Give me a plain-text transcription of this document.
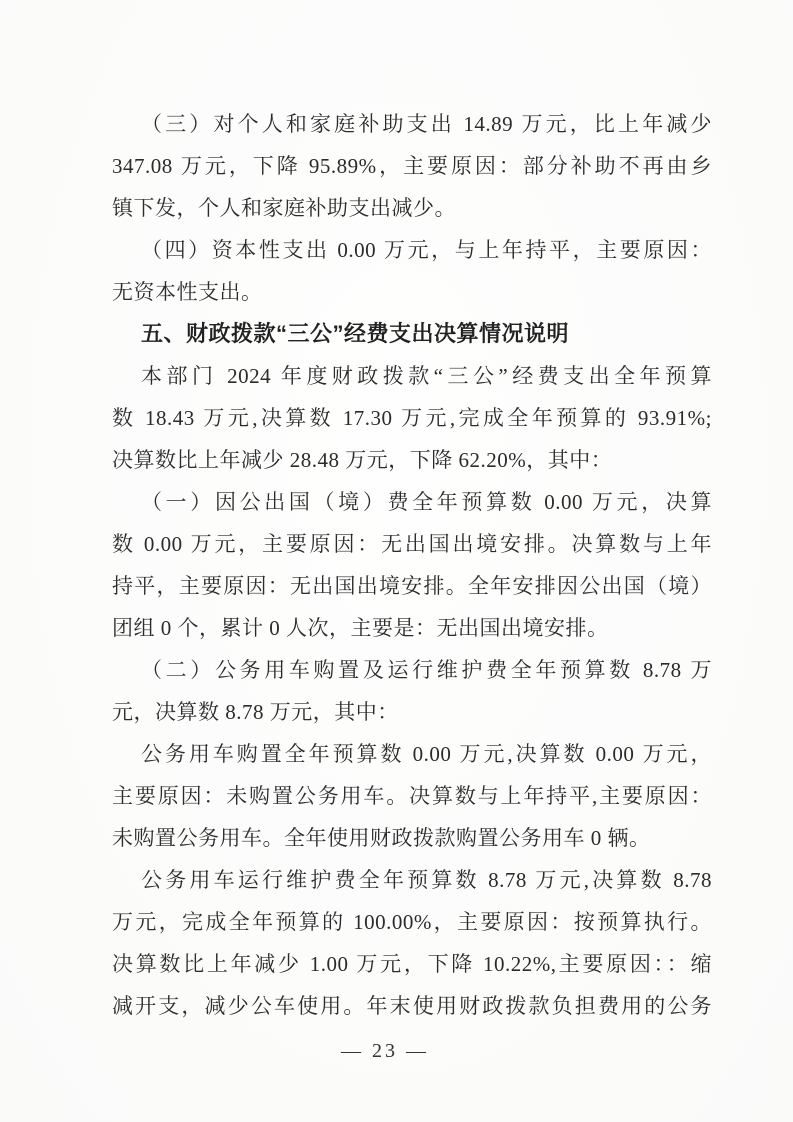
（三）对个人和家庭补助支出 14.89 万元，比上年减少
347.08 万元，下降 95.89%，主要原因：部分补助不再由乡
镇下发，个人和家庭补助支出减少。
（四）资本性支出 0.00 万元，与上年持平，主要原因：
无资本性支出。
五、财政拨款“三公”经费支出决算情况说明
本部门 2024 年度财政拨款“三公”经费支出全年预算
数 18.43 万元,决算数 17.30 万元,完成全年预算的 93.91%;
决算数比上年减少 28.48 万元，下降 62.20%，其中：
（一）因公出国（境）费全年预算数 0.00 万元，决算
数 0.00 万元，主要原因：无出国出境安排。决算数与上年
持平，主要原因：无出国出境安排。全年安排因公出国（境）
团组 0 个，累计 0 人次，主要是：无出国出境安排。
（二）公务用车购置及运行维护费全年预算数 8.78 万
元，决算数 8.78 万元，其中：
公务用车购置全年预算数 0.00 万元,决算数 0.00 万元，
主要原因：未购置公务用车。决算数与上年持平,主要原因：
未购置公务用车。全年使用财政拨款购置公务用车 0 辆。
公务用车运行维护费全年预算数 8.78 万元,决算数 8.78
万元，完成全年预算的 100.00%，主要原因：按预算执行。
决算数比上年减少 1.00 万元，下降 10.22%,主要原因：：缩
减开支，减少公车使用。年末使用财政拨款负担费用的公务
— 23 —
